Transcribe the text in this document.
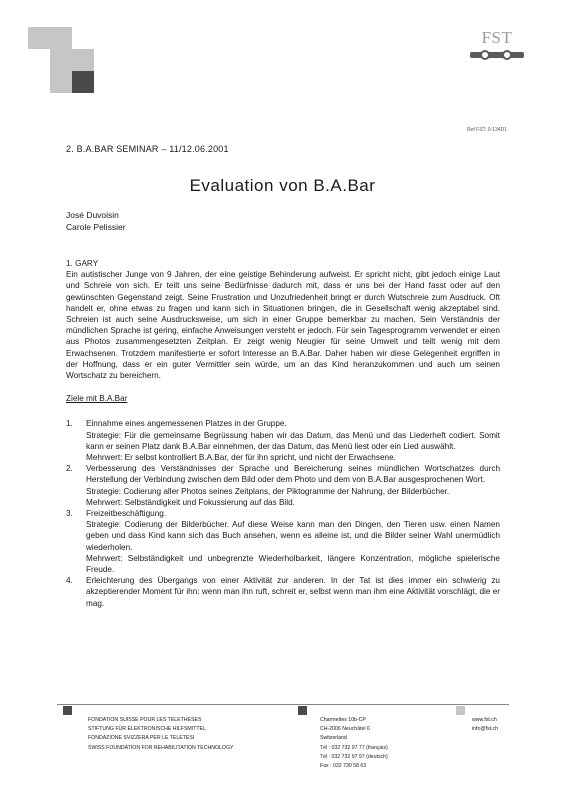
FST
Ref FST: 0-134D1
2. B.A.BAR SEMINAR – 11/12.06.2001
Evaluation von B.A.Bar
José Duvoisin
Carole Pelissier
1. GARY
Ein autistischer Junge von 9 Jahren, der eine geistige Behinderung aufweist. Er spricht nicht, gibt jedoch einige Laut und Schreie von sich. Er teilt uns seine Bedürfnisse dadurch mit, dass er uns bei der Hand fasst oder auf den gewünschten Gegenstand zeigt. Seine Frustration und Unzufriedenheit bringt er durch Wutschreie zum Ausdruck. Oft handelt er, ohne etwas zu fragen und kann sich in Situationen bringen, die in Gesellschaft wenig akzeptabel sind. Schreien ist auch seine Ausdrucksweise, um sich in einer Gruppe bemerkbar zu machen. Sein Verständnis der mündlichen Sprache ist gering, einfache Anweisungen versteht er jedoch. Für sein Tagesprogramm verwendet er einen aus Photos zusammengesetzten Zeitplan. Er zeigt wenig Neugier für seine Umwelt und teilt wenig mit dem Erwachsenen. Trotzdem manifestierte er sofort Interesse an B.A.Bar. Daher haben wir diese Gelegenheit ergriffen in der Hoffnung, dass er ein guter Vermittler sein würde, um an das Kind heranzukommen und auch um seinen Wortschatz zu bereichern.
Ziele mit B.A.Bar
1. Einnahme eines angemessenen Platzes in der Gruppe.
Strategie: Für die gemeinsame Begrüssung haben wir das Datum, das Menü und das Liederheft codiert. Somit kann er seinen Platz dank B.A.Bar einnehmen, der das Datum, das Menü liest oder ein Lied auswählt.
Mehrwert: Er selbst kontrolliert B.A.Bar, der für ihn spricht, und nicht der Erwachsene.
2. Verbesserung des Verständnisses der Sprache und Bereicherung seines mündlichen Wortschatzes durch Herstellung der Verbindung zwischen dem Bild oder dem Photo und dem von B.A.Bar ausgesprochenen Wort.
Strategie: Codierung aller Photos seines Zeitplans, der Piktogramme der Nahrung, der Bilderbücher.
Mehrwert: Selbständigkeit und Fokussierung auf das Bild.
3. Freizeitbeschäftigung.
Strategie: Codierung der Bilderbücher. Auf diese Weise kann man den Dingen, den Tieren usw. einen Namen geben und dass Kind kann sich das Buch ansehen, wenn es alleine ist, und die Bilder seiner Wahl unermüdlich wiederholen.
Mehrwert: Selbständigkeit und unbegrenzte Wiederholbarkeit, längere Konzentration, mögliche spielerische Freude.
4. Erleichterung des Übergangs von einer Aktivität zur anderen. In der Tat ist dies immer ein schwierig zu akzeptierender Moment für ihn: wenn man ihn ruft, schreit er, selbst wenn man ihm eine Aktivität vorschlägt, die er mag.
FONDATION SUISSE POUR LES TELETHESES
STIFTUNG FÜR ELEKTRONISCHE HILFSMITTEL
FONDAZIONE SVIZZERA PER LE TELETESI
SWISS FOUNDATION FOR REHABILITATION TECHNOLOGY
Charmettes 10b-CP
CH-2006 Neuchâtel 6
Switzerland
Tél : 032 732 97 77 (français)
Tél : 032 732 97 97 (deutsch)
Fax : 032 730 58 63
www.fst.ch
info@fst.ch
